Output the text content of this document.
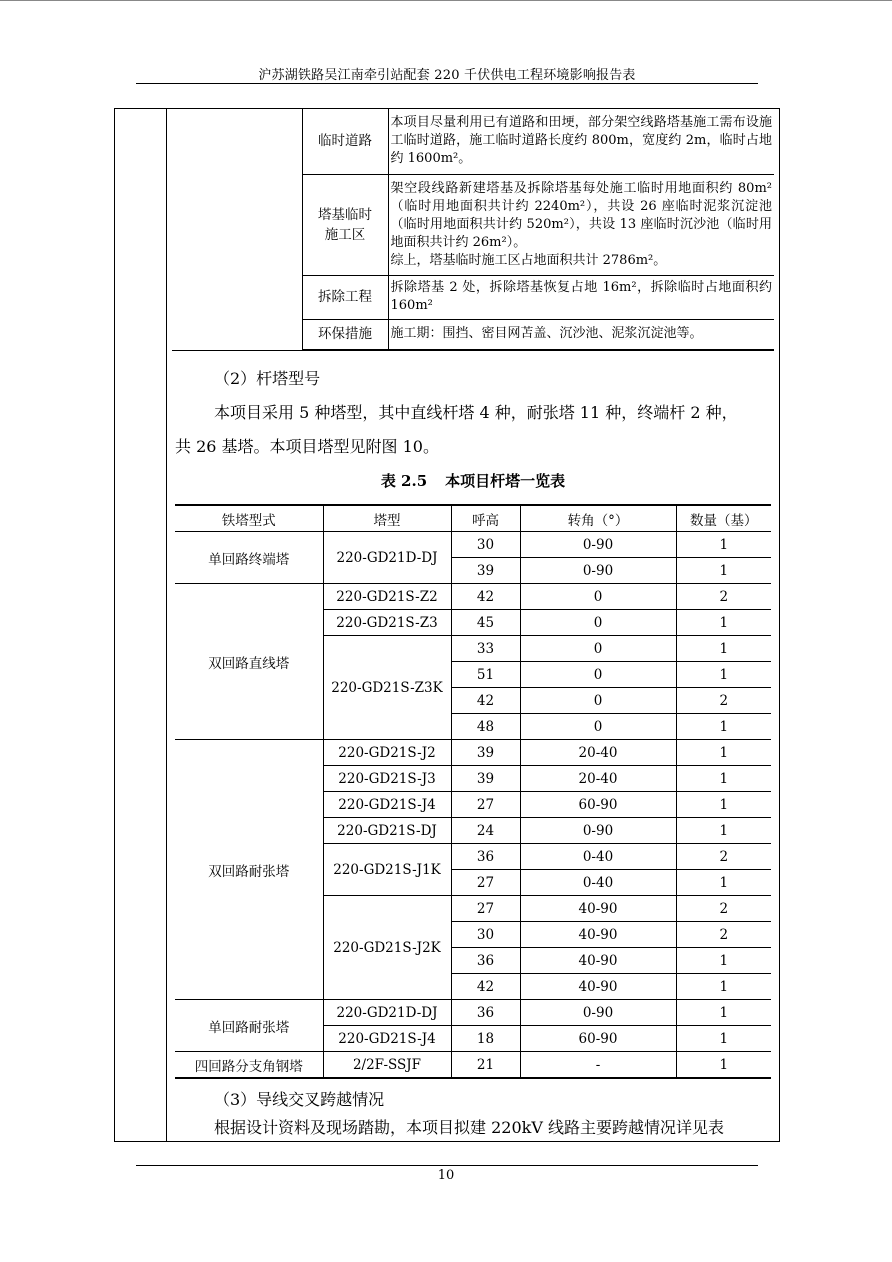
沪苏湖铁路吴江南牵引站配套 220 千伏供电工程环境影响报告表
	临时道路	本项目尽量利用已有道路和田埂，部分架空线路塔基施工需布设施工临时道路，施工临时道路长度约 800m，宽度约 2m，临时占地约 1600m²。

	塔基临时施工区	架空段线路新建塔基及拆除塔基每处施工临时用地面积约 80m²（临时用地面积共计约 2240m²），共设 26 座临时泥浆沉淀池（临时用地面积共计约 520m²），共设 13 座临时沉沙池（临时用地面积共计约 26m²）。
综上，塔基临时施工区占地面积共计 2786m²。

	拆除工程	拆除塔基 2 处，拆除塔基恢复占地 16m²，拆除临时占地面积约 160m²
	环保措施	施工期：围挡、密目网苫盖、沉沙池、泥浆沉淀池等。
（2）杆塔型号
本项目采用 5 种塔型，其中直线杆塔 4 种，耐张塔 11 种，终端杆 2 种，
共 26 基塔。本项目塔型见附图 10。
表 2.5 本项目杆塔一览表
铁塔型式	塔型	呼高	转角（°）	数量（基）
单回路终端塔	220-GD21D-DJ	30	0-90	1
		39	0-90	1
双回路直线塔	220-GD21S-Z2	42	0	2
	220-GD21S-Z3	45	0	1
	220-GD21S-Z3K	33	0	1
		51	0	1
		42	0	2
		48	0	1
双回路耐张塔	220-GD21S-J2	39	20-40	1
	220-GD21S-J3	39	20-40	1
	220-GD21S-J4	27	60-90	1
	220-GD21S-DJ	24	0-90	1
	220-GD21S-J1K	36	0-40	2
		27	0-40	1
	220-GD21S-J2K	27	40-90	2
		30	40-90	2
		36	40-90	1
		42	40-90	1
单回路耐张塔	220-GD21D-DJ	36	0-90	1
	220-GD21S-J4	18	60-90	1
四回路分支角钢塔	2/2F-SSJF	21	-	1
（3）导线交叉跨越情况
根据设计资料及现场踏勘，本项目拟建 220kV 线路主要跨越情况详见表
10
